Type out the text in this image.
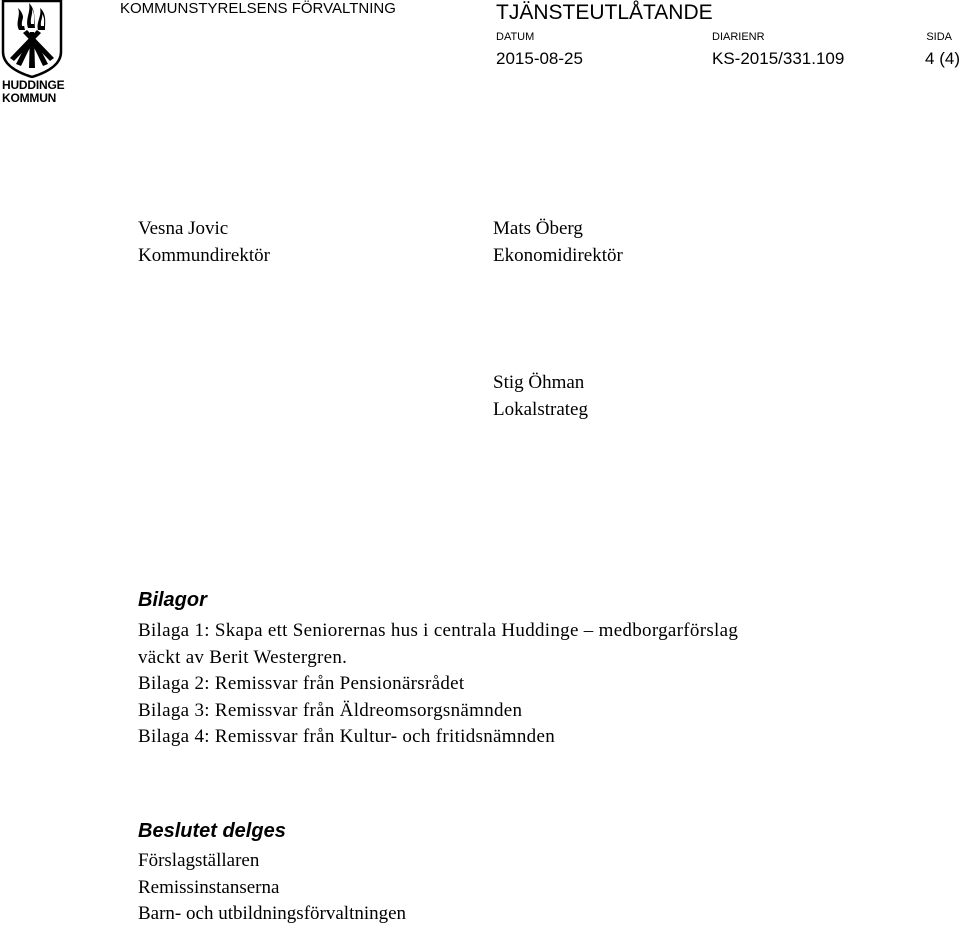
HUDDINGE
KOMMUN
KOMMUNSTYRELSENS FÖRVALTNING	TJÄNSTEUTLÅTANDE
DATUM
2015-08-25
DIARIENR
KS-2015/331.109
SIDA
4 (4)
Vesna Jovic
Kommundirektör
Mats Öberg
Ekonomidirektör
Stig Öhman
Lokalstrateg
Bilagor
Bilaga 1: Skapa ett Seniorernas hus i centrala Huddinge – medborgarförslag
väckt av Berit Westergren.
Bilaga 2: Remissvar från Pensionärsrådet
Bilaga 3: Remissvar från Äldreomsorgsnämnden
Bilaga 4: Remissvar från Kultur- och fritidsnämnden
Beslutet delges
Förslagställaren
Remissinstanserna
Barn- och utbildningsförvaltningen
